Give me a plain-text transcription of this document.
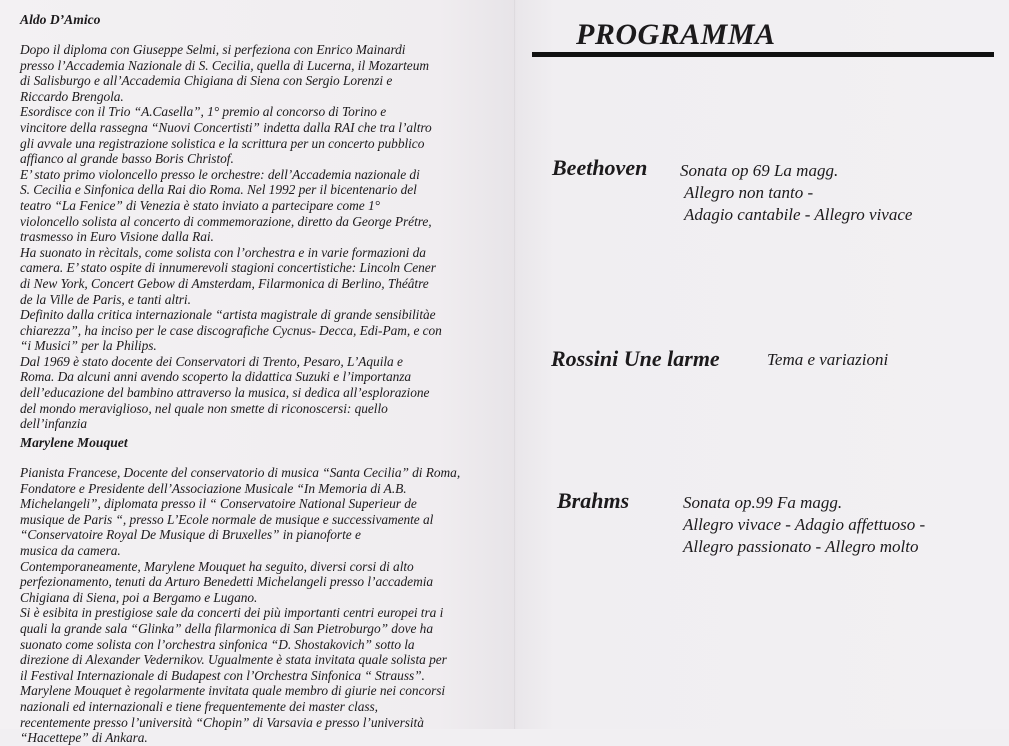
Aldo D’Amico
Dopo il diploma con Giuseppe Selmi, si perfeziona con Enrico Mainardi
presso l’Accademia Nazionale di S. Cecilia, quella di Lucerna, il Mozarteum
di Salisburgo e all’Accademia Chigiana di Siena con Sergio Lorenzi e
Riccardo Brengola.
Esordisce con il Trio “A.Casella”, 1° premio al concorso di Torino e
vincitore della rassegna “Nuovi Concertisti” indetta dalla RAI che tra l’altro
gli avvale una registrazione solistica e la scrittura per un concerto pubblico
affianco al grande basso Boris Christof.
E’ stato primo violoncello presso le orchestre: dell’Accademia nazionale di
S. Cecilia e Sinfonica della Rai dio Roma. Nel 1992 per il bicentenario del
teatro “La Fenice” di Venezia è stato inviato a partecipare come 1°
violoncello solista al concerto di commemorazione, diretto da George Prétre,
trasmesso in Euro Visione dalla Rai.
Ha suonato in rècitals, come solista con l’orchestra e in varie formazioni da
camera. E’ stato ospite di innumerevoli stagioni concertistiche: Lincoln Cener
di New York, Concert Gebow di Amsterdam, Filarmonica di Berlino, Théâtre
de la Ville de Paris, e tanti altri.
Definito dalla critica internazionale “artista magistrale di grande sensibilitàe
chiarezza”, ha inciso per le case discografiche Cycnus- Decca, Edi-Pam, e con
“i Musici” per la Philips.
Dal 1969 è stato docente dei Conservatori di Trento, Pesaro, L’Aquila e
Roma. Da alcuni anni avendo scoperto la didattica Suzuki e l’importanza
dell’educazione del bambino attraverso la musica, si dedica all’esplorazione
del mondo meraviglioso, nel quale non smette di riconoscersi: quello
dell’infanzia
Marylene Mouquet
Pianista Francese, Docente del conservatorio di musica “Santa Cecilia” di Roma,
Fondatore e Presidente dell’Associazione Musicale “In Memoria di A.B.
Michelangeli”, diplomata presso il “ Conservatoire National Superieur de
musique de Paris “, presso L’Ecole normale de musique e successivamente al
“Conservatoire Royal De Musique di Bruxelles” in pianoforte e
musica da camera.
Contemporaneamente, Marylene Mouquet ha seguito, diversi corsi di alto
perfezionamento, tenuti da Arturo Benedetti Michelangeli presso l’accademia
Chigiana di Siena, poi a Bergamo e Lugano.
Si è esibita in prestigiose sale da concerti dei più importanti centri europei tra i
quali la grande sala “Glinka” della filarmonica di San Pietroburgo” dove ha
suonato come solista con l’orchestra sinfonica “D. Shostakovich” sotto la
direzione di Alexander Vedernikov. Ugualmente è stata invitata quale solista per
il Festival Internazionale di Budapest con l’Orchestra Sinfonica “ Strauss”.
Marylene Mouquet è regolarmente invitata quale membro di giurie nei concorsi
nazionali ed internazionali e tiene frequentemente dei master class,
recentemente presso l’università “Chopin” di Varsavia e presso l’università
“Hacettepe” di Ankara.
PROGRAMMA
Beethoven Sonata op 69 La magg.
Allegro non tanto -
Adagio cantabile - Allegro vivace
Rossini Une larme	Tema e variazioni
Brahms	Sonata op.99 Fa magg.
Allegro vivace - Adagio affettuoso -
Allegro passionato - Allegro molto
